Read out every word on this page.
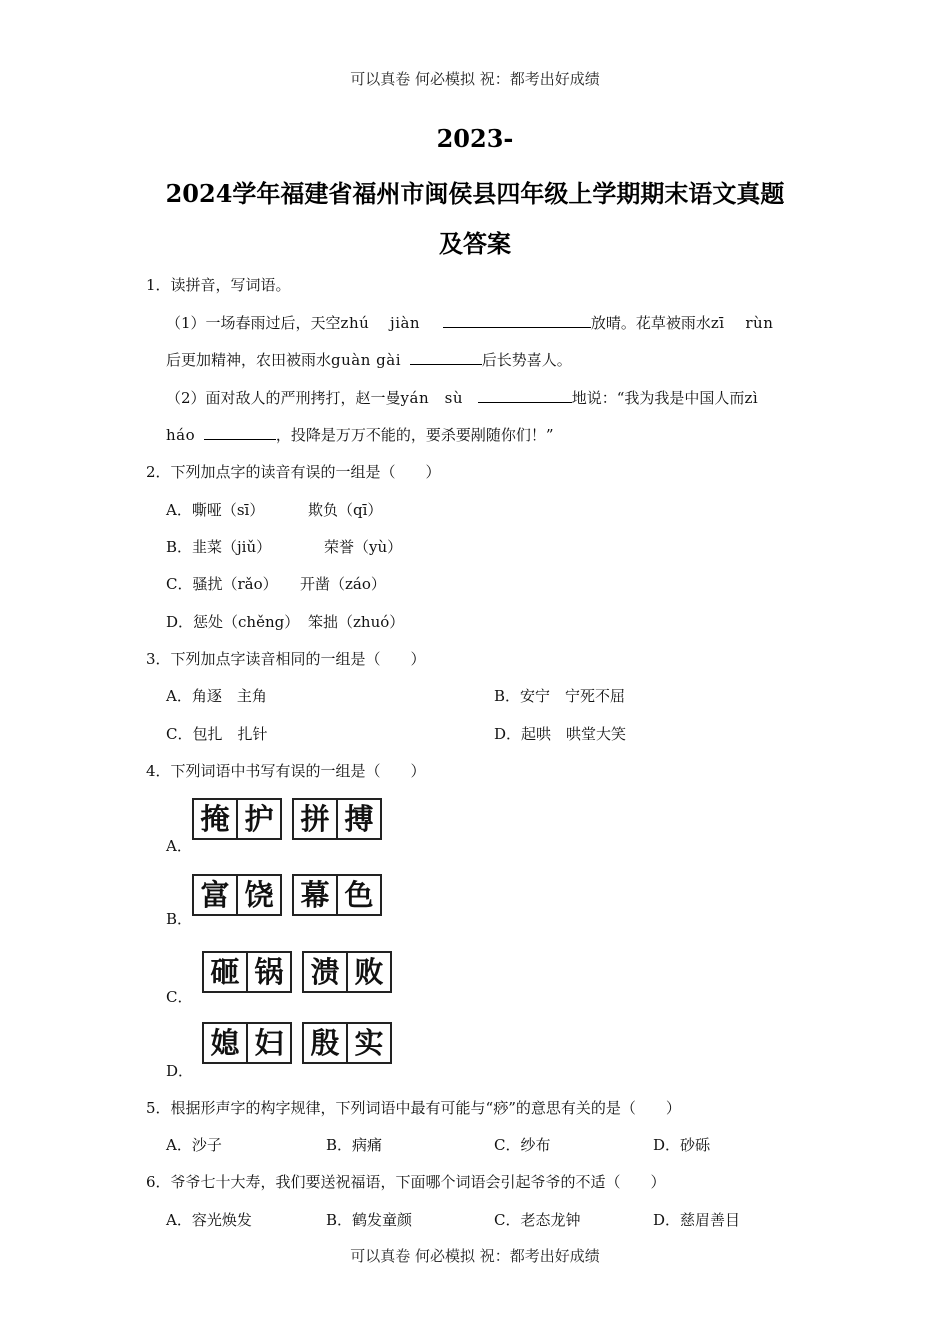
可以真卷 何必模拟 祝：都考出好成绩
2023-
2024学年福建省福州市闽侯县四年级上学期期末语文真题
及答案
1．读拼音，写词语。
（1）一场春雨过后，天空zhú　 jiàn	放晴。花草被雨水zī　 rùn
后更加精神，农田被雨水guàn gài	后长势喜人。
（2）面对敌人的严刑拷打，赵一曼yán　sù	地说：“我为我是中国人而zì
háo	，投降是万万不能的，要杀要剐随你们！”
2．下列加点字的读音有误的一组是（　　）
A．嘶哑（sī）	欺负（qī）
B．韭菜（jiǔ）	荣誉（yù）
C．骚扰（rǎo） 开凿（záo）
D．惩处（chěng） 笨拙（zhuó）
3．下列加点字读音相同的一组是（　　）
A．角逐　主角	B．安宁　宁死不屈
C．包扎　扎针	D．起哄　哄堂大笑
4．下列词语中书写有误的一组是（　　）
A．
掩 护 拼 搏
B．
富 饶 幕 色
C．
砸 锅 溃 败
D．
媳 妇 殷 实
5．根据形声字的构字规律，下列词语中最有可能与“痧”的意思有关的是（　　）
A．沙子	B．病痛	C．纱布	D．砂砾
6．爷爷七十大寿，我们要送祝福语，下面哪个词语会引起爷爷的不适（　　）
A．容光焕发	B．鹤发童颜	C．老态龙钟	D．慈眉善目
可以真卷 何必模拟 祝：都考出好成绩
